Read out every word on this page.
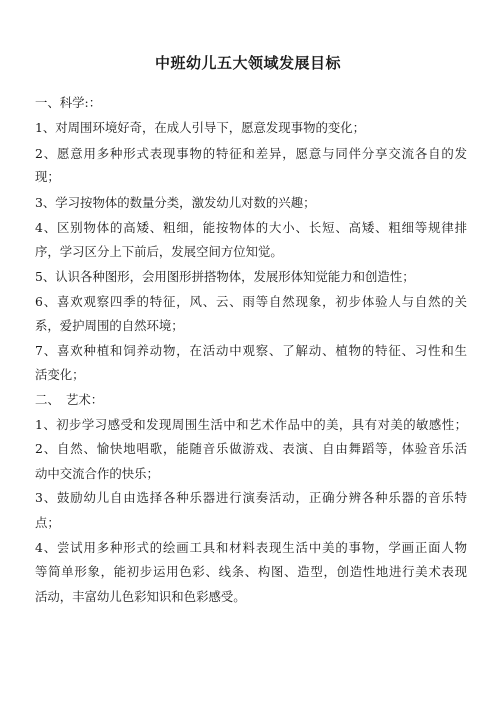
中班幼儿五大领域发展目标
一、科学:：
1、对周围环境好奇，在成人引导下，愿意发现事物的变化；
2、愿意用多种形式表现事物的特征和差异，愿意与同伴分享交流各自的发
现；
3、学习按物体的数量分类，激发幼儿对数的兴趣；
4、区别物体的高矮、粗细，能按物体的大小、长短、高矮、粗细等规律排
序，学习区分上下前后，发展空间方位知觉。
5、认识各种图形，会用图形拼搭物体，发展形体知觉能力和创造性；
6、喜欢观察四季的特征，风、云、雨等自然现象，初步体验人与自然的关
系，爱护周围的自然环境；
7、喜欢种植和饲养动物，在活动中观察、了解动、植物的特征、习性和生
活变化；
二、　艺术：
1、初步学习感受和发现周围生活中和艺术作品中的美，具有对美的敏感性；
2、自然、愉快地唱歌，能随音乐做游戏、表演、自由舞蹈等，体验音乐活
动中交流合作的快乐；
3、鼓励幼儿自由选择各种乐器进行演奏活动，正确分辨各种乐器的音乐特
点；
4、尝试用多种形式的绘画工具和材料表现生活中美的事物，学画正面人物
等简单形象，能初步运用色彩、线条、构图、造型，创造性地进行美术表现
活动，丰富幼儿色彩知识和色彩感受。
